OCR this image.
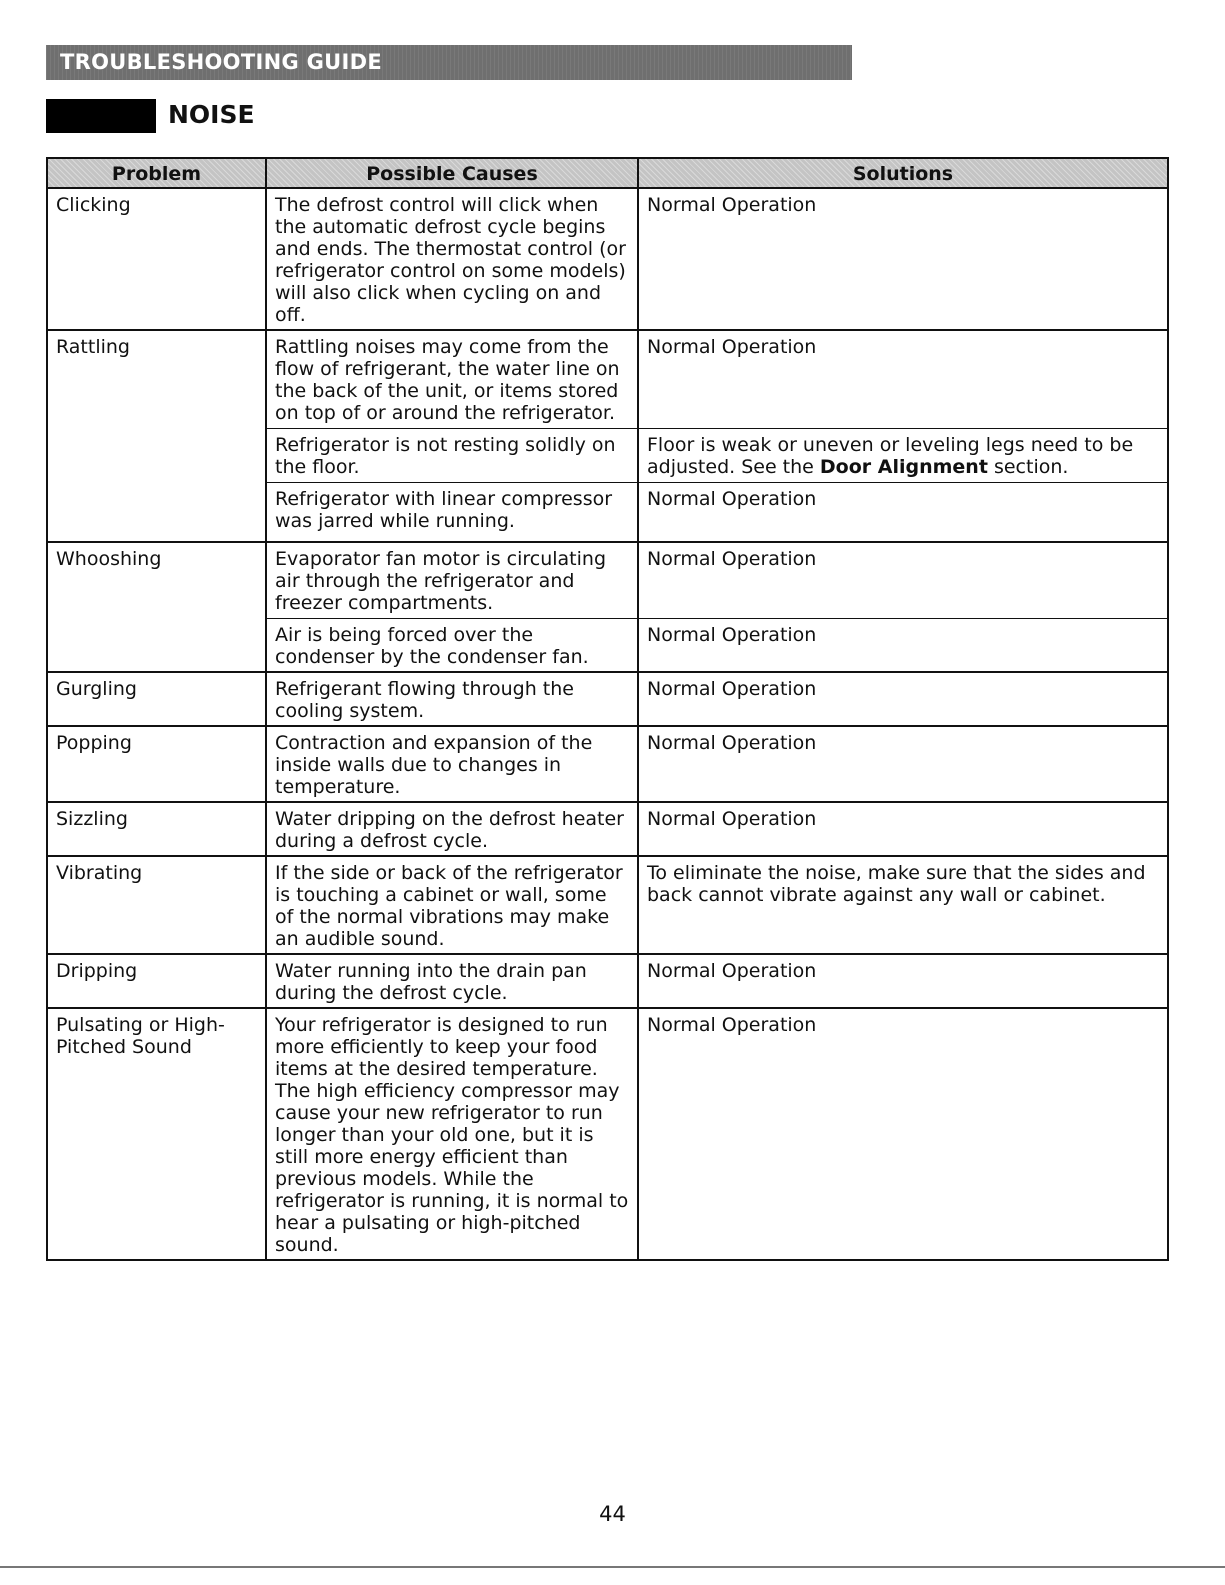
TROUBLESHOOTING GUIDE
NOISE
Problem	Possible Causes	Solutions
Clicking	The defrost control will click when the automatic defrost cycle begins and ends. The thermostat control (or refrigerator control on some models) will also click when cycling on and off.	Normal Operation
Rattling	Rattling noises may come from the flow of refrigerant, the water line on the back of the unit, or items stored on top of or around the refrigerator.	Normal Operation
	Refrigerator is not resting solidly on the floor.	Floor is weak or uneven or leveling legs need to be adjusted. See the Door Alignment section.
	Refrigerator with linear compressor was jarred while running.	Normal Operation
Whooshing	Evaporator fan motor is circulating air through the refrigerator and freezer compartments.	Normal Operation
	Air is being forced over the condenser by the condenser fan.	Normal Operation
Gurgling	Refrigerant flowing through the cooling system.	Normal Operation
Popping	Contraction and expansion of the inside walls due to changes in temperature.	Normal Operation
Sizzling	Water dripping on the defrost heater during a defrost cycle.	Normal Operation
Vibrating	If the side or back of the refrigerator is touching a cabinet or wall, some of the normal vibrations may make an audible sound.	To eliminate the noise, make sure that the sides and back cannot vibrate against any wall or cabinet.
Dripping	Water running into the drain pan during the defrost cycle.	Normal Operation
Pulsating or High-Pitched Sound	Your refrigerator is designed to run more efficiently to keep your food items at the desired temperature. The high efficiency compressor may cause your new refrigerator to run longer than your old one, but it is still more energy efficient than previous models. While the refrigerator is running, it is normal to hear a pulsating or high-pitched sound.	Normal Operation
44
